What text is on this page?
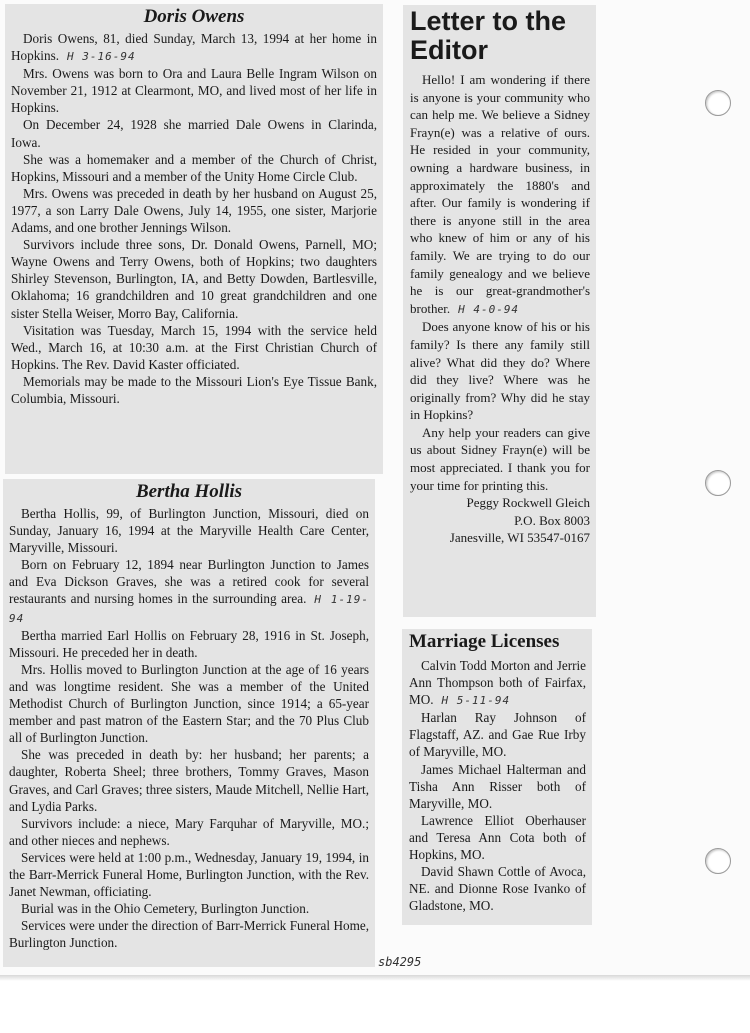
Doris Owens

Doris Owens, 81, died Sunday, March 13, 1994 at her home in Hopkins. H 3-16-94

Mrs. Owens was born to Ora and Laura Belle Ingram Wilson on November 21, 1912 at Clearmont, MO, and lived most of her life in Hopkins.

On December 24, 1928 she married Dale Owens in Clarinda, Iowa.

She was a homemaker and a member of the Church of Christ, Hopkins, Missouri and a member of the Unity Home Circle Club.

Mrs. Owens was preceded in death by her husband on August 25, 1977, a son Larry Dale Owens, July 14, 1955, one sister, Marjorie Adams, and one brother Jennings Wilson.

Survivors include three sons, Dr. Donald Owens, Parnell, MO; Wayne Owens and Terry Owens, both of Hopkins; two daughters Shirley Stevenson, Burlington, IA, and Betty Dowden, Bartlesville, Oklahoma; 16 grandchildren and 10 great grandchildren and one sister Stella Weiser, Morro Bay, California.

Visitation was Tuesday, March 15, 1994 with the service held Wed., March 16, at 10:30 a.m. at the First Christian Church of Hopkins. The Rev. David Kaster officiated.

Memorials may be made to the Missouri Lion's Eye Tissue Bank, Columbia, Missouri.

Bertha Hollis

Bertha Hollis, 99, of Burlington Junction, Missouri, died on Sunday, January 16, 1994 at the Maryville Health Care Center, Maryville, Missouri.

Born on February 12, 1894 near Burlington Junction to James and Eva Dickson Graves, she was a retired cook for several restaurants and nursing homes in the surrounding area. H 1-19-94

Bertha married Earl Hollis on February 28, 1916 in St. Joseph, Missouri. He preceded her in death.

Mrs. Hollis moved to Burlington Junction at the age of 16 years and was longtime resident. She was a member of the United Methodist Church of Burlington Junction, since 1914; a 65-year member and past matron of the Eastern Star; and the 70 Plus Club all of Burlington Junction.

She was preceded in death by: her husband; her parents; a daughter, Roberta Sheel; three brothers, Tommy Graves, Mason Graves, and Carl Graves; three sisters, Maude Mitchell, Nellie Hart, and Lydia Parks.

Survivors include: a niece, Mary Farquhar of Maryville, MO.; and other nieces and nephews.

Services were held at 1:00 p.m., Wednesday, January 19, 1994, in the Barr-Merrick Funeral Home, Burlington Junction, with the Rev. Janet Newman, officiating.

Burial was in the Ohio Cemetery, Burlington Junction.

Services were under the direction of Barr-Merrick Funeral Home, Burlington Junction.

Letter to the Editor

Hello! I am wondering if there is anyone is your community who can help me. We believe a Sidney Frayn(e) was a relative of ours. He resided in your community, owning a hardware business, in approximately the 1880's and after. Our family is wondering if there is anyone still in the area who knew of him or any of his family. We are trying to do our family genealogy and we believe he is our great-grandmother's brother. H 4-0-94

Does anyone know of his or his family? Is there any family still alive? What did they do? Where did they live? Where was he originally from? Why did he stay in Hopkins?

Any help your readers can give us about Sidney Frayn(e) will be most appreciated. I thank you for your time for printing this.

Peggy Rockwell Gleich

P.O. Box 8003

Janesville, WI 53547-0167

Marriage Licenses

Calvin Todd Morton and Jerrie Ann Thompson both of Fairfax, MO. H 5-11-94

Harlan Ray Johnson of Flagstaff, AZ. and Gae Rue Irby of Maryville, MO.

James Michael Halterman and Tisha Ann Risser both of Maryville, MO.

Lawrence Elliot Oberhauser and Teresa Ann Cota both of Hopkins, MO.

David Shawn Cottle of Avoca, NE. and Dionne Rose Ivanko of Gladstone, MO.

sb4295
